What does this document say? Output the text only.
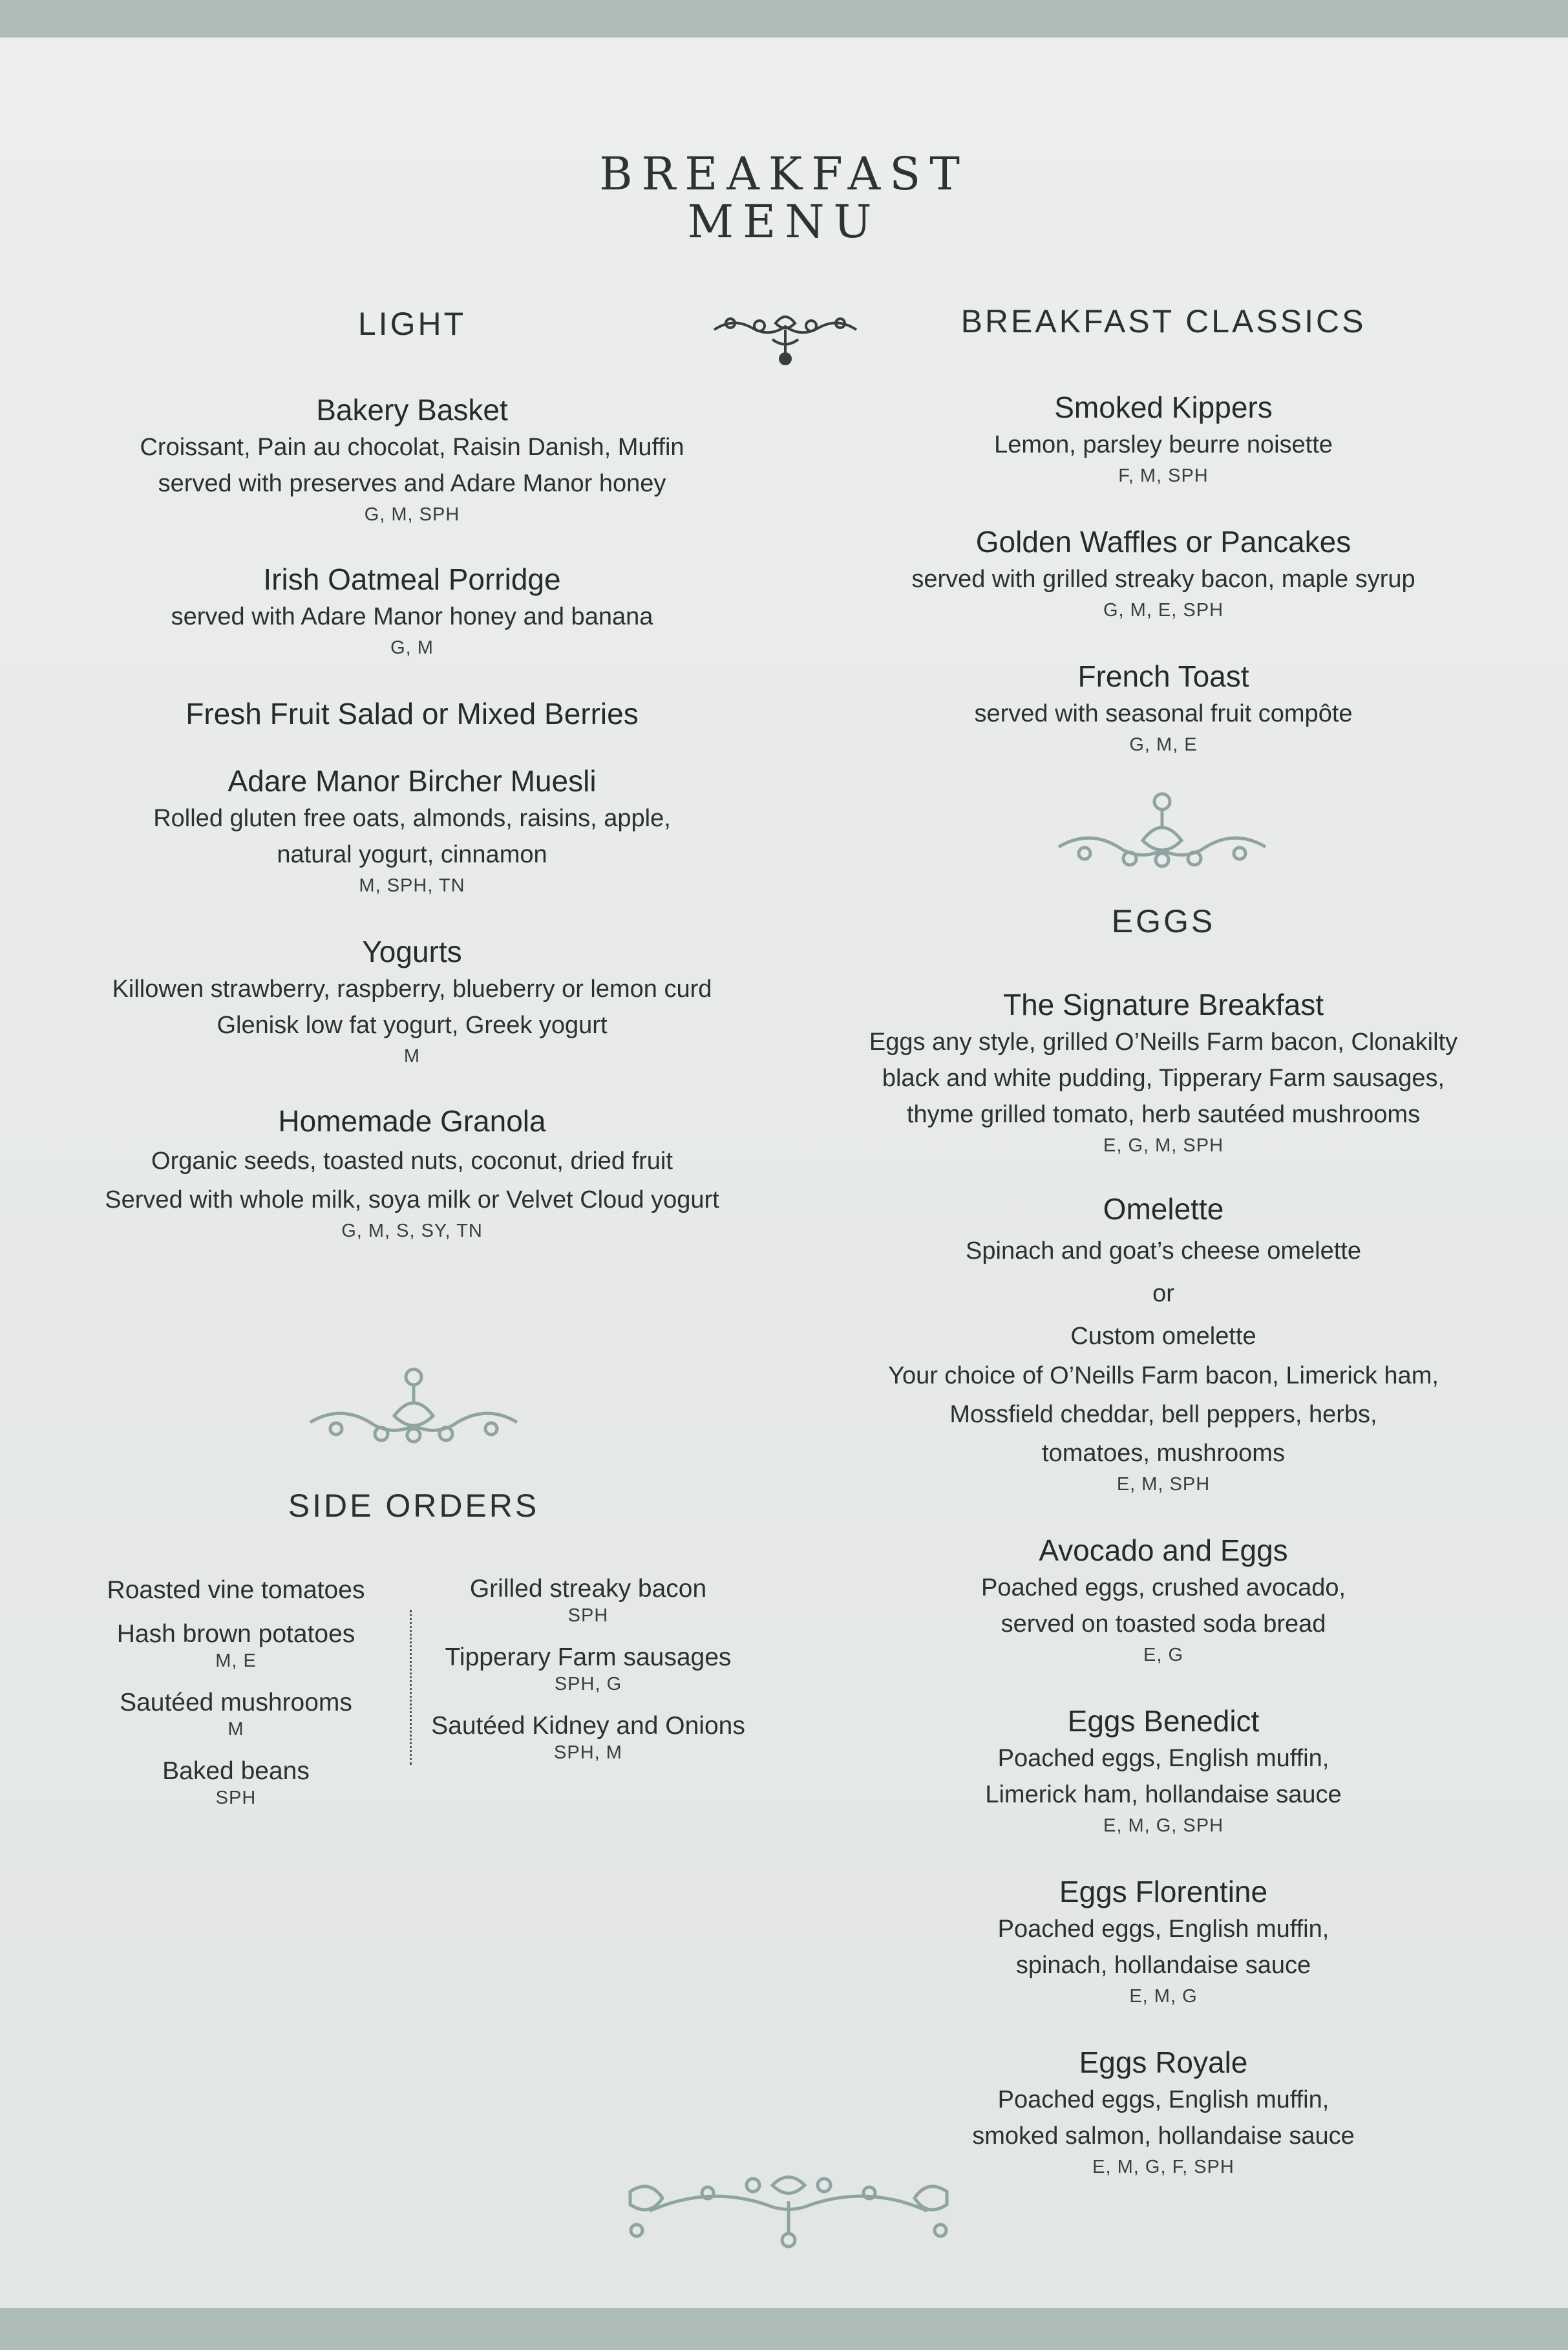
BREAKFAST
MENU
LIGHT
Bakery Basket
Croissant, Pain au chocolat, Raisin Danish, Muffin
served with preserves and Adare Manor honey
G, M, SPH
Irish Oatmeal Porridge
served with Adare Manor honey and banana
G, M
Fresh Fruit Salad or Mixed Berries
Adare Manor Bircher Muesli
Rolled gluten free oats, almonds, raisins, apple,
natural yogurt, cinnamon
M, SPH, TN
Yogurts
Killowen strawberry, raspberry, blueberry or lemon curd
Glenisk low fat yogurt, Greek yogurt
M
Homemade Granola
Organic seeds, toasted nuts, coconut, dried fruit
Served with whole milk, soya milk or Velvet Cloud yogurt
G, M, S, SY, TN
SIDE ORDERS
Roasted vine tomatoes
Hash brown potatoes
M, E
Sautéed mushrooms
M
Baked beans
SPH
Grilled streaky bacon
SPH
Tipperary Farm sausages
SPH, G
Sautéed Kidney and Onions
SPH, M
BREAKFAST CLASSICS
Smoked Kippers
Lemon, parsley beurre noisette
F, M, SPH
Golden Waffles or Pancakes
served with grilled streaky bacon, maple syrup
G, M, E, SPH
French Toast
served with seasonal fruit compôte
G, M, E
EGGS
The Signature Breakfast
Eggs any style, grilled O’Neills Farm bacon, Clonakilty
black and white pudding, Tipperary Farm sausages,
thyme grilled tomato, herb sautéed mushrooms
E, G, M, SPH
Omelette
Spinach and goat’s cheese omelette
or
Custom omelette
Your choice of O’Neills Farm bacon, Limerick ham,
Mossfield cheddar, bell peppers, herbs,
tomatoes, mushrooms
E, M, SPH
Avocado and Eggs
Poached eggs, crushed avocado,
served on toasted soda bread
E, G
Eggs Benedict
Poached eggs, English muffin,
Limerick ham, hollandaise sauce
E, M, G, SPH
Eggs Florentine
Poached eggs, English muffin,
spinach, hollandaise sauce
E, M, G
Eggs Royale
Poached eggs, English muffin,
smoked salmon, hollandaise sauce
E, M, G, F, SPH
